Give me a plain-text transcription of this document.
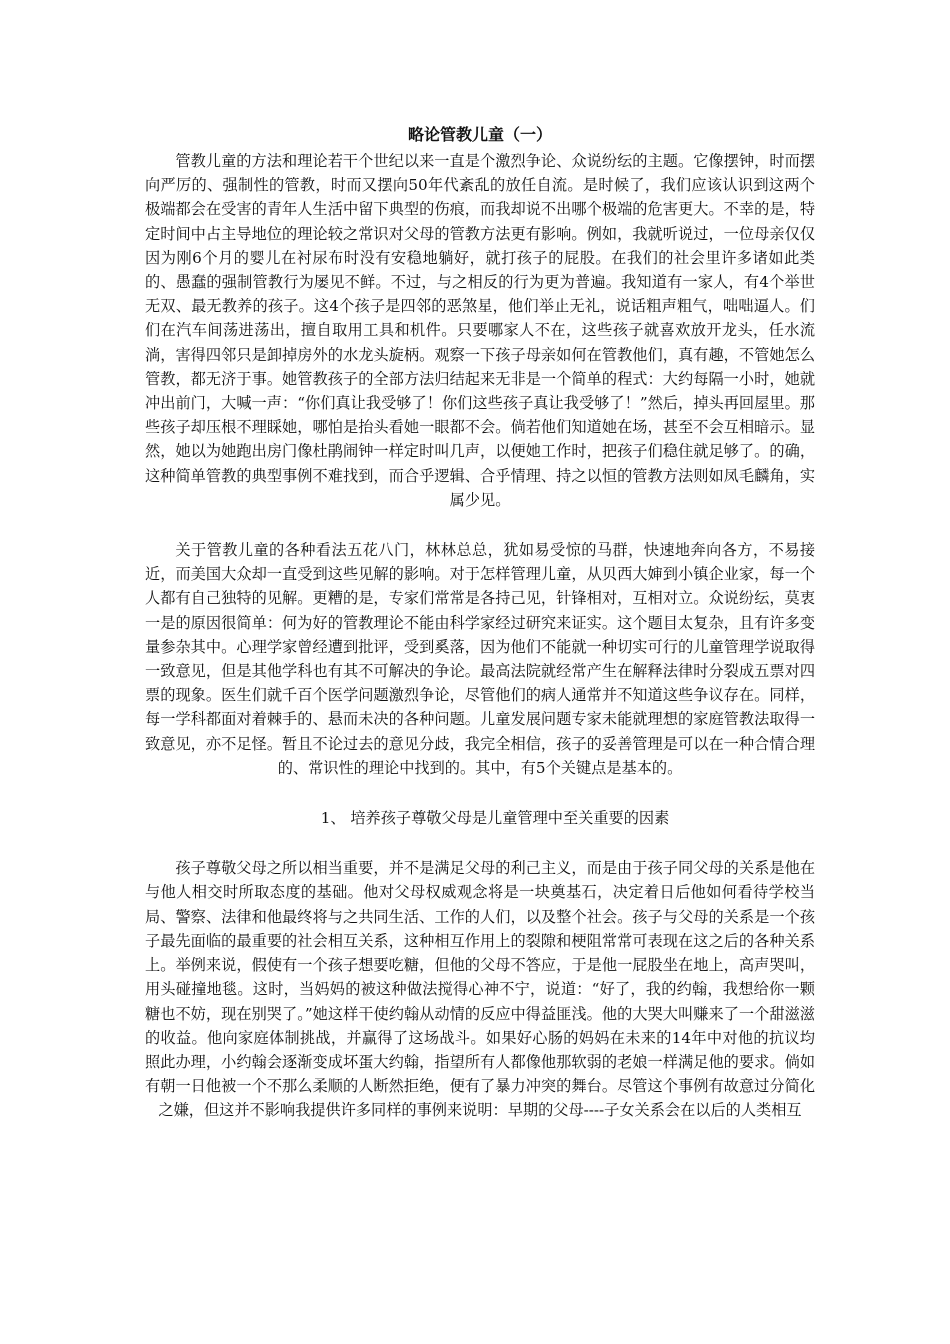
略论管教儿童（一）

管教儿童的方法和理论若干个世纪以来一直是个激烈争论、众说纷纭的主题。它像摆钟，时而摆向严厉的、强制性的管教，时而又摆向50年代紊乱的放任自流。是时候了，我们应该认识到这两个极端都会在受害的青年人生活中留下典型的伤痕，而我却说不出哪个极端的危害更大。不幸的是，特定时间中占主导地位的理论较之常识对父母的管教方法更有影响。例如，我就听说过，一位母亲仅仅因为刚6个月的婴儿在衬尿布时没有安稳地躺好，就打孩子的屁股。在我们的社会里许多诸如此类的、愚蠢的强制管教行为屡见不鲜。不过，与之相反的行为更为普遍。我知道有一家人，有4个举世无双、最无教养的孩子。这4个孩子是四邻的恶煞星，他们举止无礼，说话粗声粗气，咄咄逼人。们们在汽车间荡进荡出，擅自取用工具和机件。只要哪家人不在，这些孩子就喜欢放开龙头，任水流淌，害得四邻只是卸掉房外的水龙头旋柄。观察一下孩子母亲如何在管教他们，真有趣，不管她怎么管教，都无济于事。她管教孩子的全部方法归结起来无非是一个简单的程式：大约每隔一小时，她就冲出前门，大喊一声：“你们真让我受够了！你们这些孩子真让我受够了！”然后，掉头再回屋里。那些孩子却压根不理睬她，哪怕是抬头看她一眼都不会。倘若他们知道她在场，甚至不会互相暗示。显然，她以为她跑出房门像杜鹃闹钟一样定时叫几声，以便她工作时，把孩子们稳住就足够了。的确，这种简单管教的典型事例不难找到，而合乎逻辑、合乎情理、持之以恒的管教方法则如凤毛麟角，实属少见。

关于管教儿童的各种看法五花八门，林林总总，犹如易受惊的马群，快速地奔向各方，不易接近，而美国大众却一直受到这些见解的影响。对于怎样管理儿童，从贝西大婶到小镇企业家，每一个人都有自己独特的见解。更糟的是，专家们常常是各持己见，针锋相对，互相对立。众说纷纭，莫衷一是的原因很简单：何为好的管教理论不能由科学家经过研究来证实。这个题目太复杂，且有许多变量参杂其中。心理学家曾经遭到批评，受到奚落，因为他们不能就一种切实可行的儿童管理学说取得一致意见，但是其他学科也有其不可解决的争论。最高法院就经常产生在解释法律时分裂成五票对四票的现象。医生们就千百个医学问题激烈争论，尽管他们的病人通常并不知道这些争议存在。同样，每一学科都面对着棘手的、悬而未决的各种问题。儿童发展问题专家未能就理想的家庭管教法取得一致意见，亦不足怪。暂且不论过去的意见分歧，我完全相信，孩子的妥善管理是可以在一种合情合理的、常识性的理论中找到的。其中，有5个关键点是基本的。

1、 培养孩子尊敬父母是儿童管理中至关重要的因素

孩子尊敬父母之所以相当重要，并不是满足父母的利己主义，而是由于孩子同父母的关系是他在与他人相交时所取态度的基础。他对父母权威观念将是一块奠基石，决定着日后他如何看待学校当局、警察、法律和他最终将与之共同生活、工作的人们，以及整个社会。孩子与父母的关系是一个孩子最先面临的最重要的社会相互关系，这种相互作用上的裂隙和梗阻常常可表现在这之后的各种关系上。举例来说，假使有一个孩子想要吃糖，但他的父母不答应，于是他一屁股坐在地上，高声哭叫，用头碰撞地毯。这时，当妈妈的被这种做法搅得心神不宁，说道：“好了，我的约翰，我想给你一颗糖也不妨，现在别哭了。”她这样干使约翰从动情的反应中得益匪浅。他的大哭大叫赚来了一个甜滋滋的收益。他向家庭体制挑战，并赢得了这场战斗。如果好心肠的妈妈在未来的14年中对他的抗议均照此办理，小约翰会逐渐变成坏蛋大约翰，指望所有人都像他那软弱的老娘一样满足他的要求。倘如有朝一日他被一个不那么柔顺的人断然拒绝，便有了暴力冲突的舞台。尽管这个事例有故意过分简化之嫌，但这并不影响我提供许多同样的事例来说明：早期的父母----子女关系会在以后的人类相互
